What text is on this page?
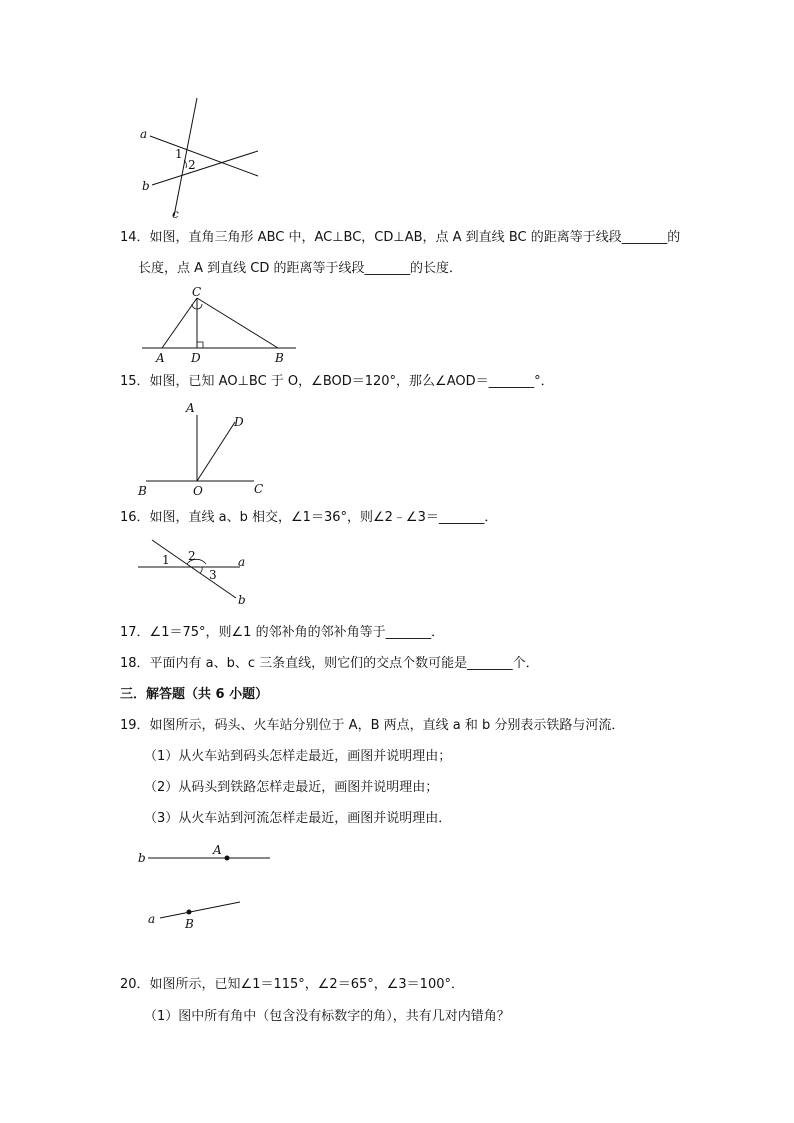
a
b
c
1
2
14．如图，直角三角形 ABC 中，AC⊥BC，CD⊥AB，点 A 到直线 BC 的距离等于线段_______的
长度，点 A 到直线 CD 的距离等于线段_______的长度．
C
A D	B
15．如图，已知 AO⊥BC 于 O，∠BOD＝120°，那么∠AOD＝_______°．
A
D
B	O	C
16．如图，直线 a、b 相交，∠1＝36°，则∠2﹣∠3＝_______．
1 2
3
a
b
17．∠1＝75°，则∠1 的邻补角的邻补角等于_______．
18．平面内有 a、b、c 三条直线，则它们的交点个数可能是_______个．
三．解答题（共 6 小题）
19．如图所示，码头、火车站分别位于 A，B 两点，直线 a 和 b 分别表示铁路与河流．
（1）从火车站到码头怎样走最近，画图并说明理由；
（2）从码头到铁路怎样走最近，画图并说明理由；
（3）从火车站到河流怎样走最近，画图并说明理由．
b
A
a B
20．如图所示，已知∠1＝115°，∠2＝65°，∠3＝100°．
（1）图中所有角中（包含没有标数字的角），共有几对内错角？
